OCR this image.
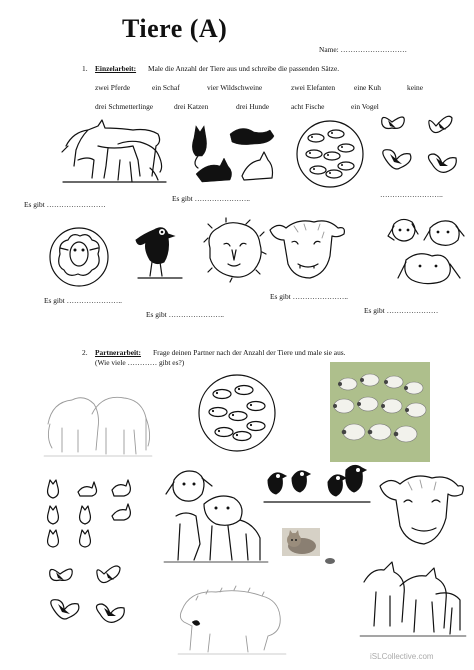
Tiere (A)
Name: ………………………
1. Einzelarbeit: Male die Anzahl der Tiere aus und schreibe die passenden Sätze.
zwei Pferde	ein Schaf	vier Wildschweine	zwei Elefanten	eine Kuh	keine
drei Schmetterlinge	drei Katzen	drei Hunde	acht Fische	ein Vogel
Es gibt ……………………
Es gibt …………………..	……………………..
Es gibt …………………..
Es gibt …………………..
Es gibt …………………..
Es gibt …………………
2. Partnerarbeit: Frage deinen Partner nach der Anzahl der Tiere und male sie aus.
(Wie viele ………… gibt es?)
iSLCollective.com
